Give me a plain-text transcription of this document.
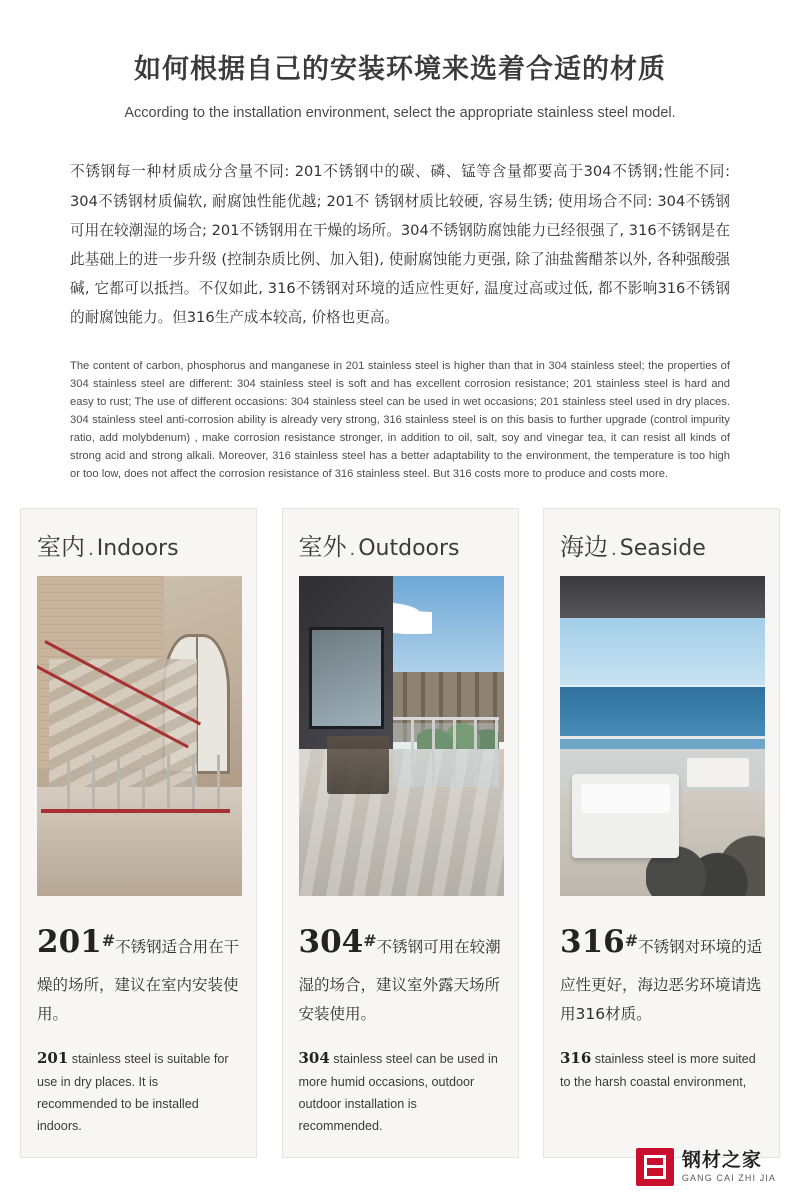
如何根据自己的安装环境来选着合适的材质
According to the installation environment, select the appropriate stainless steel model.
不锈钢每一种材质成分含量不同: 201不锈钢中的碳、磷、锰等含量都要高于304不锈钢;性能不同: 304不锈钢材质偏软, 耐腐蚀性能优越; 201不 锈钢材质比较硬, 容易生锈; 使用场合不同: 304不锈钢可用在较潮湿的场合; 201不锈钢用在干燥的场所。304不锈钢防腐蚀能力已经很强了, 316不锈钢是在此基础上的进一步升级 (控制杂质比例、加入钼), 使耐腐蚀能力更强, 除了油盐酱醋茶以外, 各种强酸强碱, 它都可以抵挡。不仅如此, 316不锈钢对环境的适应性更好, 温度过高或过低, 都不影响316不锈钢的耐腐蚀能力。但316生产成本较高, 价格也更高。
The content of carbon, phosphorus and manganese in 201 stainless steel is higher than that in 304 stainless steel; the properties of 304 stainless steel are different: 304 stainless steel is soft and has excellent corrosion resistance; 201 stainless steel is hard and easy to rust; The use of different occasions: 304 stainless steel can be used in wet occasions; 201 stainless steel used in dry places. 304 stainless steel anti-corrosion ability is already very strong, 316 stainless steel is on this basis to further upgrade (control impurity ratio, add molybdenum) , make corrosion resistance stronger, in addition to oil, salt, soy and vinegar tea, it can resist all kinds of strong acid and strong alkali. Moreover, 316 stainless steel has a better adaptability to the environment, the temperature is too high or too low, does not affect the corrosion resistance of 316 stainless steel. But 316 costs more to produce and costs more.
室内 . Indoors
201#不锈钢适合用在干燥的场所，建议在室内安装使用。
201 stainless steel is suitable for use in dry places. It is recommended to be installed indoors.
室外 . Outdoors
304#不锈钢可用在较潮湿的场合，建议室外露天场所安装使用。
304 stainless steel can be used in more humid occasions, outdoor outdoor installation is recommended.
海边 . Seaside
316#不锈钢对环境的适应性更好，海边恶劣环境请选用316材质。
316 stainless steel is more suited to the harsh coastal environment,
钢材之家
GANG CAI ZHI JIA
